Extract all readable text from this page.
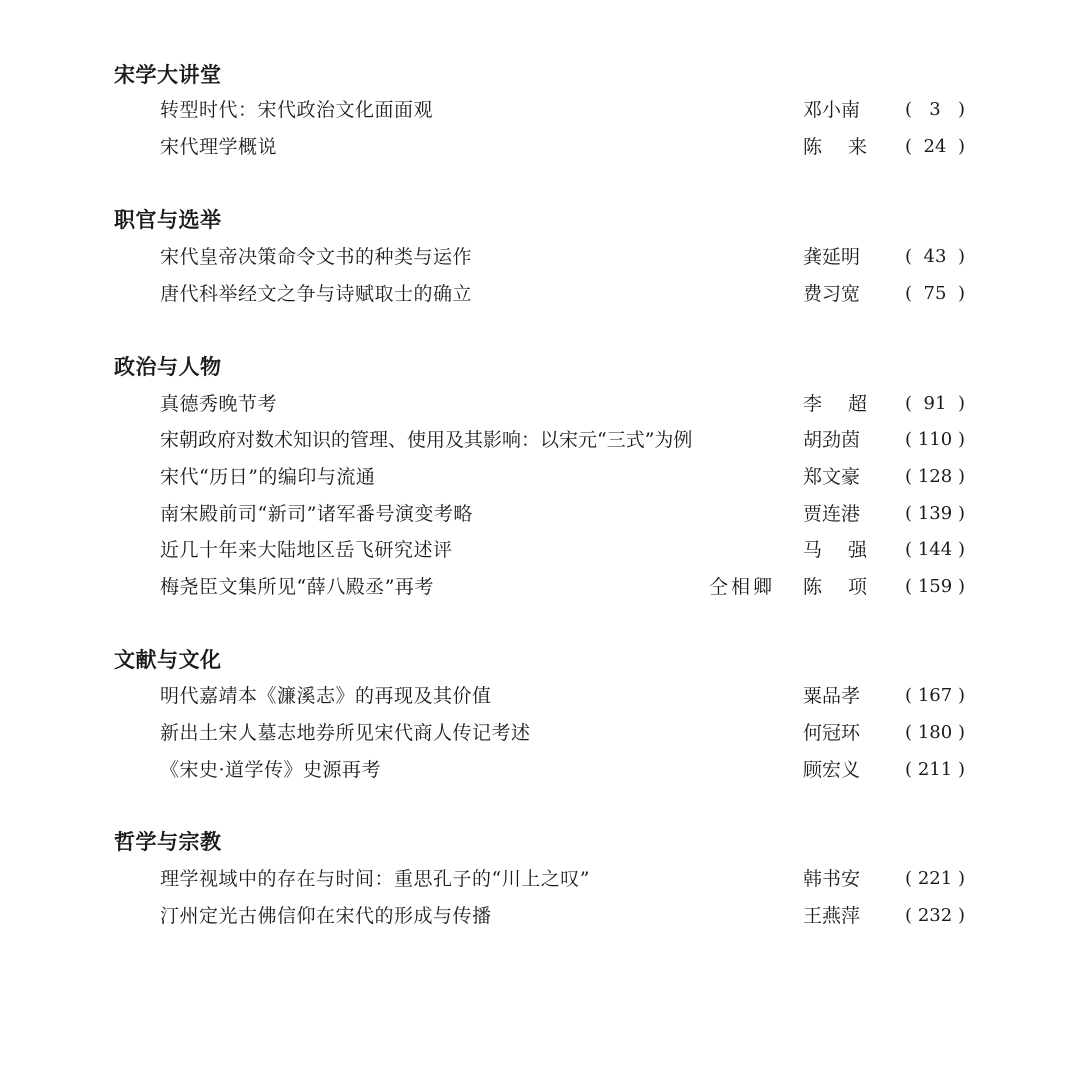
宋学大讲堂
转型时代：宋代政治文化面面观	邓小南	( 3 )
宋代理学概说	陈 来 ( 24 )
职官与选举
宋代皇帝决策命令文书的种类与运作	龚延明	( 43 )
唐代科举经文之争与诗赋取士的确立	费习宽	( 75 )
政治与人物
真德秀晚节考	李 超 ( 91 )
宋朝政府对数术知识的管理、使用及其影响：以宋元“三式”为例	胡劲茵	( 110 )
宋代“历日”的编印与流通	郑文豪	( 128 )
南宋殿前司“新司”诸军番号演变考略	贾连港	( 139 )
近几十年来大陆地区岳飞研究述评	马 强 ( 144 )
梅尧臣文集所见“薛八殿丞”再考	仝相卿 陈 项 ( 159 )
文献与文化
明代嘉靖本《濂溪志》的再现及其价值	粟品孝	( 167 )
新出土宋人墓志地券所见宋代商人传记考述	何冠环	( 180 )
《宋史·道学传》史源再考	顾宏义	( 211 )
哲学与宗教
理学视域中的存在与时间：重思孔子的“川上之叹”	韩书安	( 221 )
汀州定光古佛信仰在宋代的形成与传播	王燕萍	( 232 )
